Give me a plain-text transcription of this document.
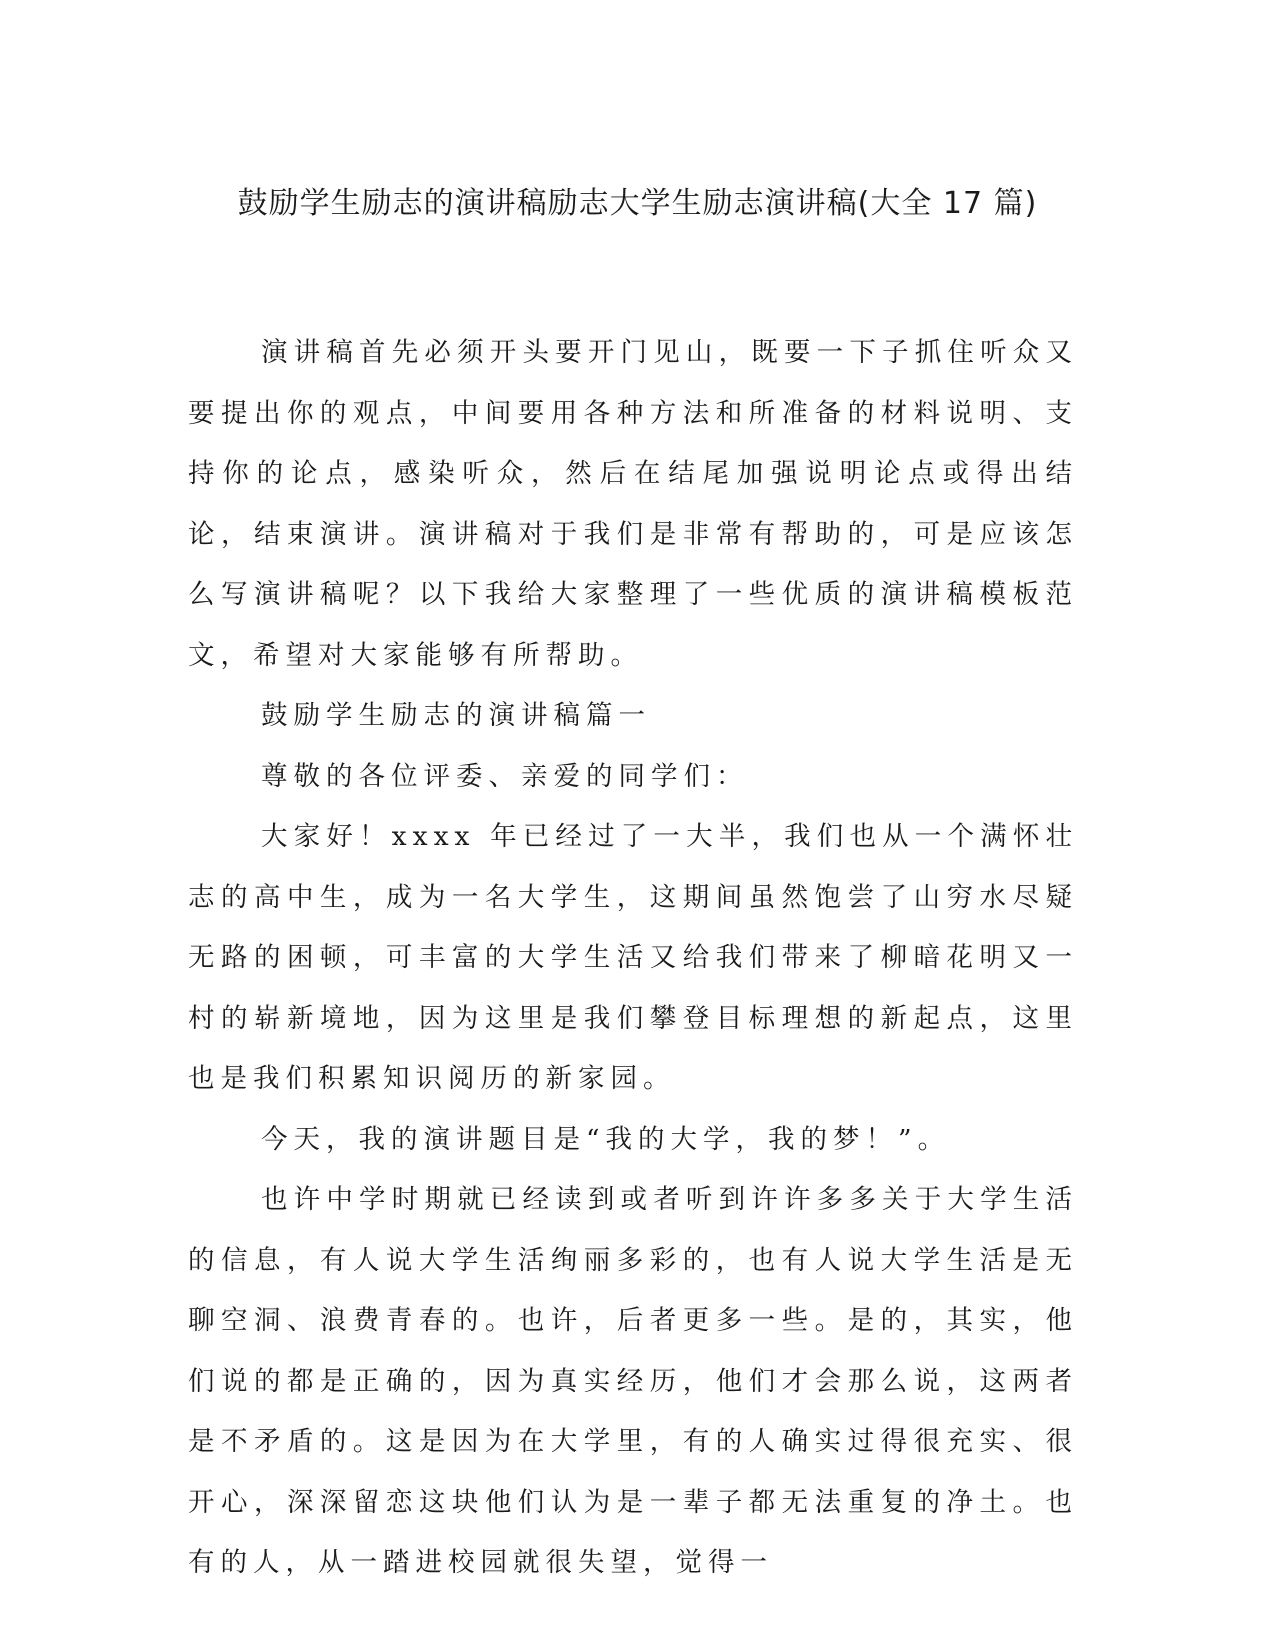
鼓励学生励志的演讲稿励志大学生励志演讲稿(大全 17 篇)

演讲稿首先必须开头要开门见山，既要一下子抓住听众又要提出你的观点，中间要用各种方法和所准备的材料说明、支持你的论点，感染听众，然后在结尾加强说明论点或得出结论，结束演讲。演讲稿对于我们是非常有帮助的，可是应该怎么写演讲稿呢？以下我给大家整理了一些优质的演讲稿模板范文，希望对大家能够有所帮助。

鼓励学生励志的演讲稿篇一

尊敬的各位评委、亲爱的同学们：

大家好！xxxx 年已经过了一大半，我们也从一个满怀壮志的高中生，成为一名大学生，这期间虽然饱尝了山穷水尽疑无路的困顿，可丰富的大学生活又给我们带来了柳暗花明又一村的崭新境地，因为这里是我们攀登目标理想的新起点，这里也是我们积累知识阅历的新家园。

今天，我的演讲题目是“我的大学，我的梦！”。

也许中学时期就已经读到或者听到许许多多关于大学生活的信息，有人说大学生活绚丽多彩的，也有人说大学生活是无聊空洞、浪费青春的。也许，后者更多一些。是的，其实，他们说的都是正确的，因为真实经历，他们才会那么说，这两者是不矛盾的。这是因为在大学里，有的人确实过得很充实、很开心，深深留恋这块他们认为是一辈子都无法重复的净土。也有的人，从一踏进校园就很失望，觉得一
